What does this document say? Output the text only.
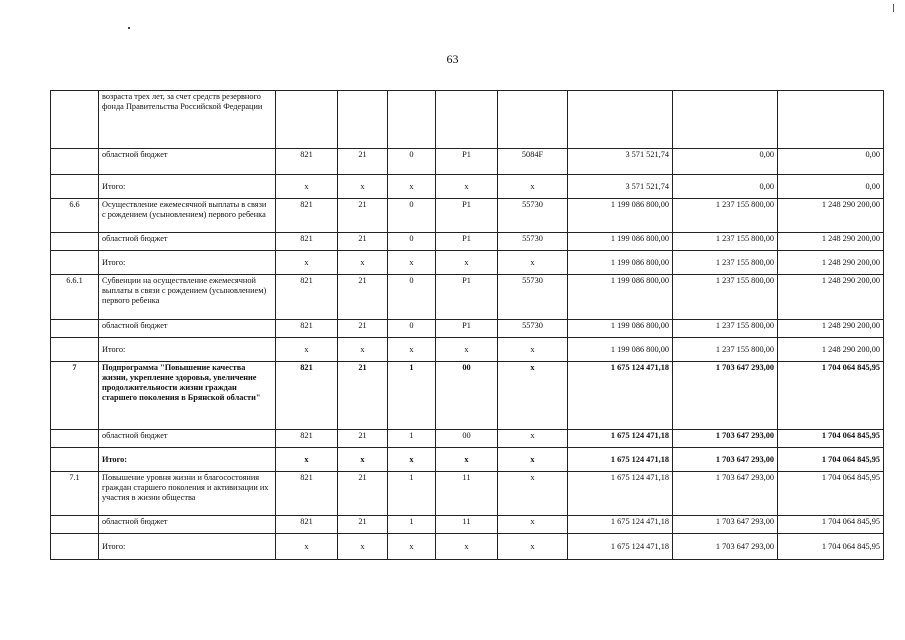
63
	возраста трех лет, за счет средств резервного фонда Правительства Российской Федерации								
	областной бюджет	821	21	0	P1	5084F	3 571 521,74	0,00	0,00
	Итого:	х	х	х	х	х	3 571 521,74	0,00	0,00
6.6	Осуществление ежемесячной выплаты в связи с рождением (усыновлением) первого ребенка	821	21	0	P1	55730	1 199 086 800,00	1 237 155 800,00	1 248 290 200,00
	областной бюджет	821	21	0	P1	55730	1 199 086 800,00	1 237 155 800,00	1 248 290 200,00
	Итого:	х	х	х	х	х	1 199 086 800,00	1 237 155 800,00	1 248 290 200,00
6.6.1	Субвенции на осуществление ежемесячной выплаты в связи с рождением (усыновлением) первого ребенка	821	21	0	P1	55730	1 199 086 800,00	1 237 155 800,00	1 248 290 200,00
	областной бюджет	821	21	0	P1	55730	1 199 086 800,00	1 237 155 800,00	1 248 290 200,00
	Итого:	х	х	х	х	х	1 199 086 800,00	1 237 155 800,00	1 248 290 200,00
7	Подпрограмма "Повышение качества жизни, укрепление здоровья, увеличение продолжительности жизни граждан старшего поколения в Брянской области"	821	21	1	00	х	1 675 124 471,18	1 703 647 293,00	1 704 064 845,95
	областной бюджет	821	21	1	00	х	1 675 124 471,18	1 703 647 293,00	1 704 064 845,95
	Итого:	х	х	х	х	х	1 675 124 471,18	1 703 647 293,00	1 704 064 845,95
7.1	Повышение уровня жизни и благосостояния граждан старшего поколения и активизации их участия в жизни общества	821	21	1	11	х	1 675 124 471,18	1 703 647 293,00	1 704 064 845,95
	областной бюджет	821	21	1	11	х	1 675 124 471,18	1 703 647 293,00	1 704 064 845,95
	Итого:	х	х	х	х	х	1 675 124 471,18	1 703 647 293,00	1 704 064 845,95
